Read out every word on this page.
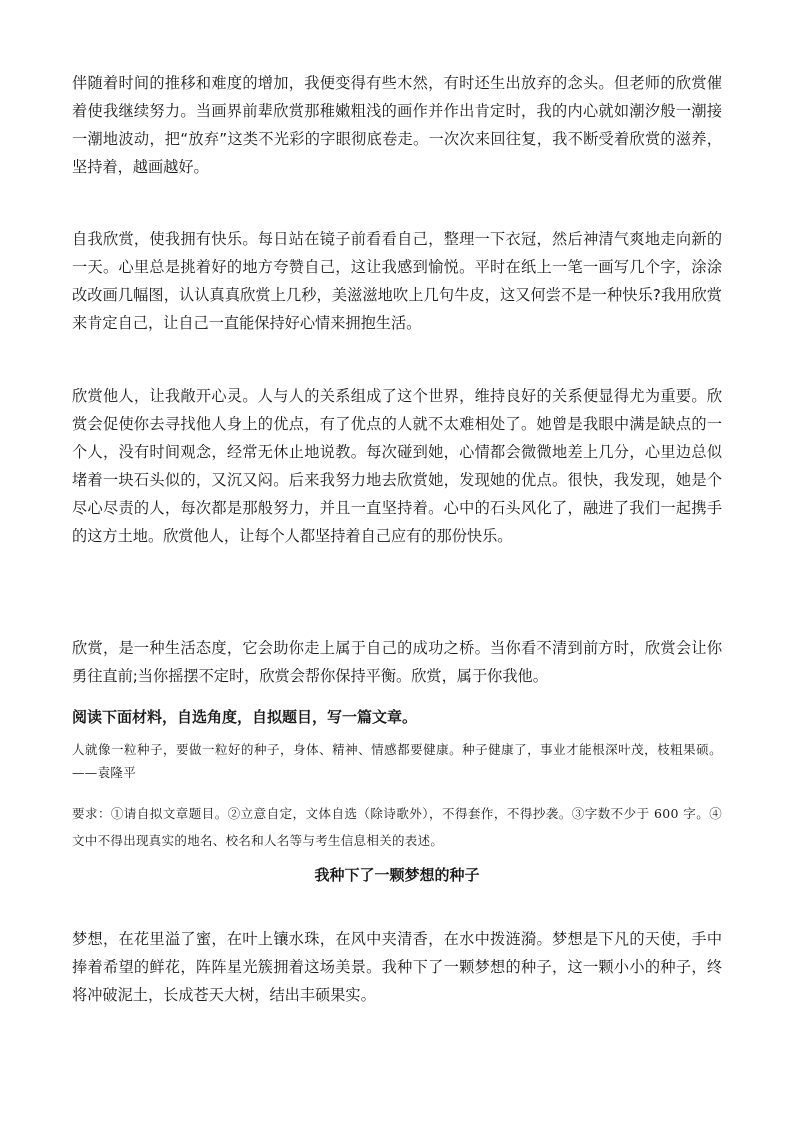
伴随着时间的推移和难度的增加，我便变得有些木然，有时还生出放弃的念头。但老师的欣赏催着使我继续努力。当画界前辈欣赏那稚嫩粗浅的画作并作出肯定时，我的内心就如潮汐般一潮接一潮地波动，把“放弃”这类不光彩的字眼彻底卷走。一次次来回往复，我不断受着欣赏的滋养，坚持着，越画越好。

自我欣赏，使我拥有快乐。每日站在镜子前看看自己，整理一下衣冠，然后神清气爽地走向新的一天。心里总是挑着好的地方夸赞自己，这让我感到愉悦。平时在纸上一笔一画写几个字，涂涂改改画几幅图，认认真真欣赏上几秒，美滋滋地吹上几句牛皮，这又何尝不是一种快乐?我用欣赏来肯定自己，让自己一直能保持好心情来拥抱生活。

欣赏他人，让我敞开心灵。人与人的关系组成了这个世界，维持良好的关系便显得尤为重要。欣赏会促使你去寻找他人身上的优点，有了优点的人就不太难相处了。她曾是我眼中满是缺点的一个人，没有时间观念，经常无休止地说教。每次碰到她，心情都会微微地差上几分，心里边总似堵着一块石头似的，又沉又闷。后来我努力地去欣赏她，发现她的优点。很快，我发现，她是个尽心尽责的人，每次都是那般努力，并且一直坚持着。心中的石头风化了，融进了我们一起携手的这方土地。欣赏他人，让每个人都坚持着自己应有的那份快乐。

欣赏，是一种生活态度，它会助你走上属于自己的成功之桥。当你看不清到前方时，欣赏会让你勇往直前;当你摇摆不定时，欣赏会帮你保持平衡。欣赏，属于你我他。

阅读下面材料，自选角度，自拟题目，写一篇文章。

人就像一粒种子，要做一粒好的种子，身体、精神、情感都要健康。种子健康了，事业才能根深叶茂，枝粗果硕。——袁隆平

要求：①请自拟文章题目。②立意自定，文体自选（除诗歌外），不得套作，不得抄袭。③字数不少于 600 字。④文中不得出现真实的地名、校名和人名等与考生信息相关的表述。

我种下了一颗梦想的种子

梦想，在花里溢了蜜，在叶上镶水珠，在风中夹清香，在水中拨涟漪。梦想是下凡的天使，手中捧着希望的鲜花，阵阵星光簇拥着这场美景。我种下了一颗梦想的种子，这一颗小小的种子，终将冲破泥土，长成苍天大树，结出丰硕果实。
